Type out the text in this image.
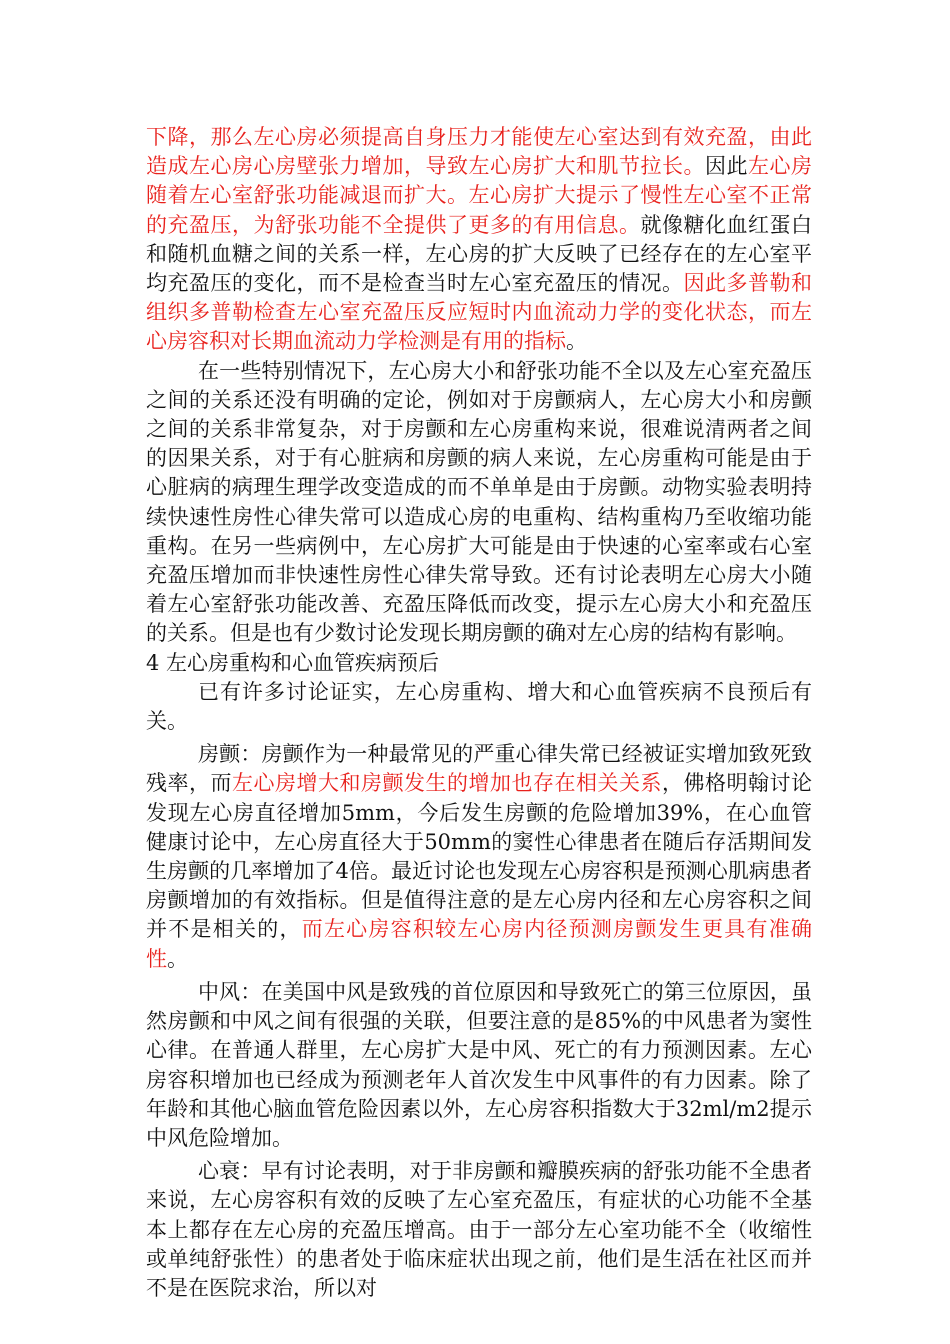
下降，那么左心房必须提高自身压力才能使左心室达到有效充盈，由此造成左心房心房壁张力增加，导致左心房扩大和肌节拉长。因此左心房随着左心室舒张功能减退而扩大。左心房扩大提示了慢性左心室不正常的充盈压，为舒张功能不全提供了更多的有用信息。就像糖化血红蛋白和随机血糖之间的关系一样，左心房的扩大反映了已经存在的左心室平均充盈压的变化，而不是检查当时左心室充盈压的情况。因此多普勒和组织多普勒检查左心室充盈压反应短时内血流动力学的变化状态，而左心房容积对长期血流动力学检测是有用的指标。

在一些特别情况下，左心房大小和舒张功能不全以及左心室充盈压之间的关系还没有明确的定论，例如对于房颤病人，左心房大小和房颤之间的关系非常复杂，对于房颤和左心房重构来说，很难说清两者之间的因果关系，对于有心脏病和房颤的病人来说，左心房重构可能是由于心脏病的病理生理学改变造成的而不单单是由于房颤。动物实验表明持续快速性房性心律失常可以造成心房的电重构、结构重构乃至收缩功能重构。在另一些病例中，左心房扩大可能是由于快速的心室率或右心室充盈压增加而非快速性房性心律失常导致。还有讨论表明左心房大小随着左心室舒张功能改善、充盈压降低而改变，提示左心房大小和充盈压的关系。但是也有少数讨论发现长期房颤的确对左心房的结构有影响。

4 左心房重构和心血管疾病预后

已有许多讨论证实，左心房重构、增大和心血管疾病不良预后有关。

房颤：房颤作为一种最常见的严重心律失常已经被证实增加致死致残率，而左心房增大和房颤发生的增加也存在相关关系，佛格明翰讨论发现左心房直径增加5mm，今后发生房颤的危险增加39%，在心血管健康讨论中，左心房直径大于50mm的窦性心律患者在随后存活期间发生房颤的几率增加了4倍。最近讨论也发现左心房容积是预测心肌病患者房颤增加的有效指标。但是值得注意的是左心房内径和左心房容积之间并不是相关的，而左心房容积较左心房内径预测房颤发生更具有准确性。

中风：在美国中风是致残的首位原因和导致死亡的第三位原因，虽然房颤和中风之间有很强的关联，但要注意的是85%的中风患者为窦性心律。在普通人群里，左心房扩大是中风、死亡的有力预测因素。左心房容积增加也已经成为预测老年人首次发生中风事件的有力因素。除了年龄和其他心脑血管危险因素以外，左心房容积指数大于32ml/m2提示中风危险增加。

心衰：早有讨论表明，对于非房颤和瓣膜疾病的舒张功能不全患者来说，左心房容积有效的反映了左心室充盈压，有症状的心功能不全基本上都存在左心房的充盈压增高。由于一部分左心室功能不全（收缩性或单纯舒张性）的患者处于临床症状出现之前，他们是生活在社区而并不是在医院求治，所以对
